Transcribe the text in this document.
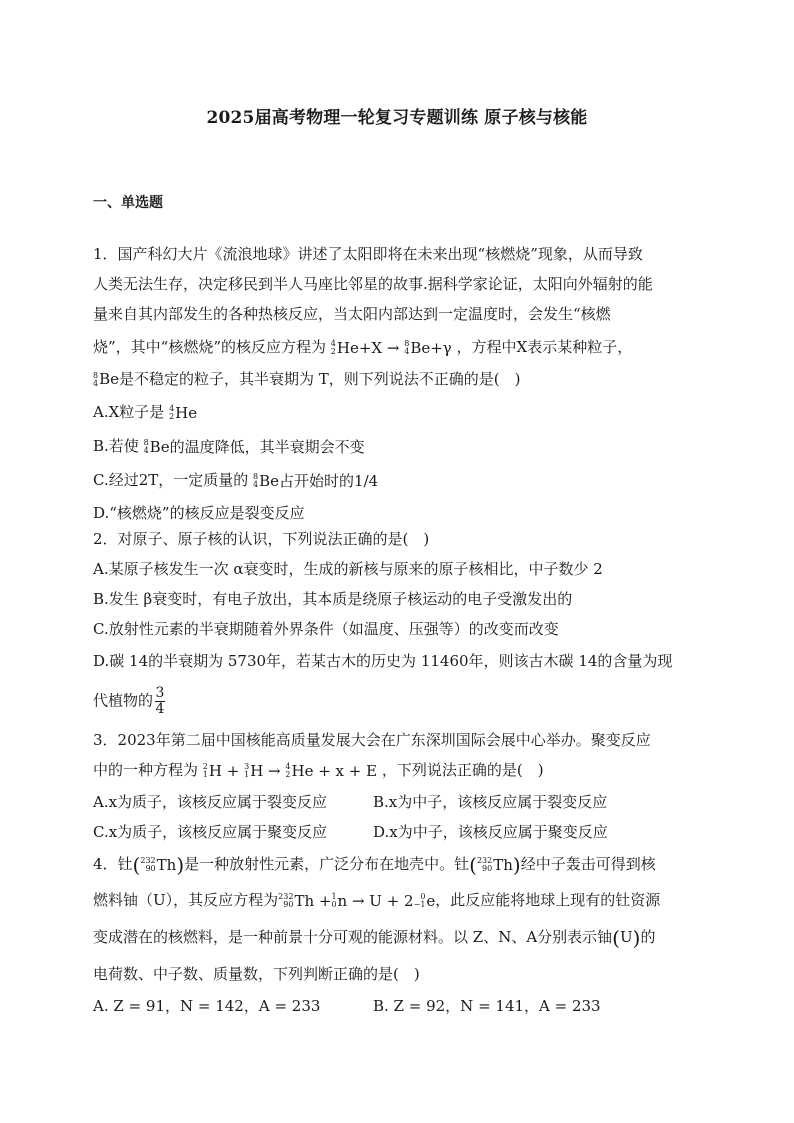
2025届高考物理一轮复习专题训练 原子核与核能
一、单选题
1．国产科幻大片《流浪地球》讲述了太阳即将在未来出现“核燃烧”现象，从而导致
人类无法生存，决定移民到半人马座比邻星的故事.据科学家论证，太阳向外辐射的能
量来自其内部发生的各种热核反应，当太阳内部达到一定温度时，会发生“核燃
烧”，其中“核燃烧”的核反应方程为 4
2 He+X →
8
4 Be+γ ，方程中X表示某种粒子，
8
4 Be是不稳定的粒子，其半衰期为 T，则下列说法不正确的是(　)
A.X粒子是 4
2 He
B.若使 8
4 Be的温度降低，其半衰期会不变
C.经过2T，一定质量的 8
4 Be占开始时的1/4
D.“核燃烧”的核反应是裂变反应
2．对原子、原子核的认识，下列说法正确的是(　)
A.某原子核发生一次 α衰变时，生成的新核与原来的原子核相比，中子数少 2
B.发生 β衰变时，有电子放出，其本质是绕原子核运动的电子受激发出的
C.放射性元素的半衰期随着外界条件（如温度、压强等）的改变而改变
D.碳 14的半衰期为 5730年，若某古木的历史为 11460年，则该古木碳 14的含量为现
代植物的 $\frac{3}{4}$
3．2023年第二届中国核能高质量发展大会在广东深圳国际会展中心举办。聚变反应
中的一种方程为 2
1 H +
3
1 H →
4
2 He + x + E ，下列说法正确的是(　)
A.x为质子，该核反应属于裂变反应	B.x为中子，该核反应属于裂变反应
C.x为质子，该核反应属于聚变反应	D.x为中子，该核反应属于聚变反应
4．钍( 232
90 Th )是一种放射性元素，广泛分布在地壳中。钍( 232
90 Th )经中子轰击可得到核
燃料铀（U），其反应方程为 232
90 Th + 1
0 n → U + 2 0
−1 e ，此反应能将地球上现有的钍资源
变成潜在的核燃料，是一种前景十分可观的能源材料。以 Z、N、A分别表示铀(U)的
电荷数、中子数、质量数，下列判断正确的是(　)
A. Z = 91，N = 142，A = 233	B. Z = 92，N = 141，A = 233
